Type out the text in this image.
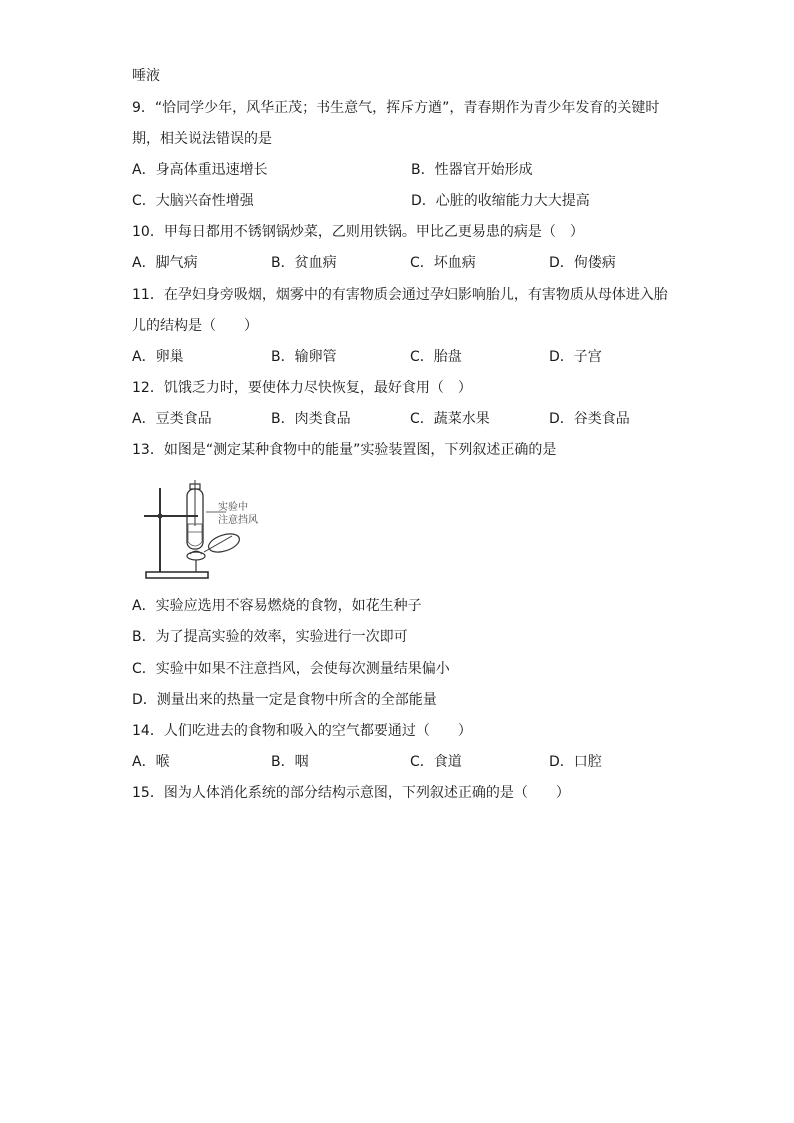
唾液
9．“恰同学少年，风华正茂；书生意气，挥斥方遒”，青春期作为青少年发育的关键时
期，相关说法错误的是
A．身高体重迅速增长	B．性器官开始形成
C．大脑兴奋性增强	D．心脏的收缩能力大大提高
10．甲每日都用不锈钢锅炒菜，乙则用铁锅。甲比乙更易患的病是（　）
A．脚气病	B．贫血病	C．坏血病	D．佝偻病
11．在孕妇身旁吸烟，烟雾中的有害物质会通过孕妇影响胎儿，有害物质从母体进入胎
儿的结构是（　　）
A．卵巢	B．输卵管	C．胎盘	D．子宫
12．饥饿乏力时，要使体力尽快恢复，最好食用（　）
A．豆类食品	B．肉类食品	C．蔬菜水果	D．谷类食品
13．如图是“测定某种食物中的能量”实验装置图，下列叙述正确的是
实验中
注意挡风
A．实验应选用不容易燃烧的食物，如花生种子
B．为了提高实验的效率，实验进行一次即可
C．实验中如果不注意挡风，会使每次测量结果偏小
D．测量出来的热量一定是食物中所含的全部能量
14．人们吃进去的食物和吸入的空气都要通过（　　）
A．喉	B．咽	C．食道	D．口腔
15．图为人体消化系统的部分结构示意图，下列叙述正确的是（　　）
